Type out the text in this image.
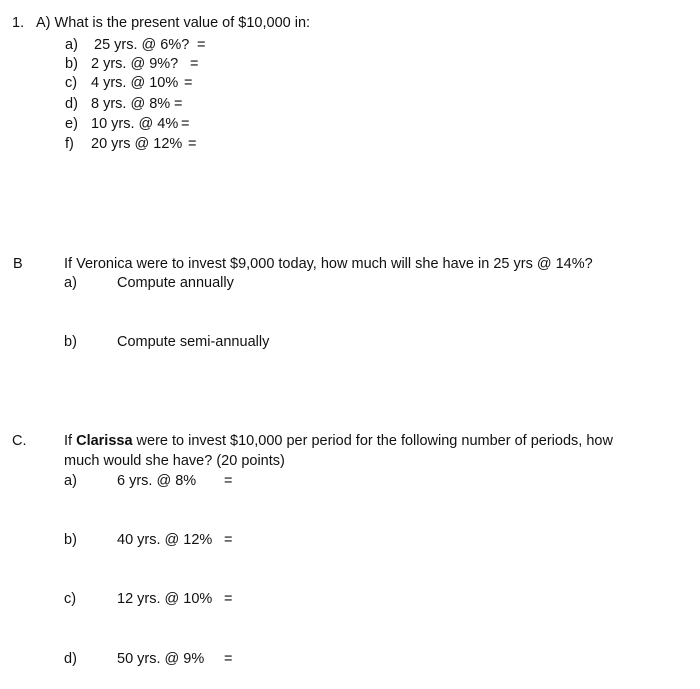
1. A) What is the present value of $10,000 in:
a) 25 yrs. @ 6%? =
b) 2 yrs. @ 9%? =
c) 4 yrs. @ 10% =
d) 8 yrs. @ 8% =
e) 10 yrs. @ 4% =
f) 20 yrs @ 12% =
B	If Veronica were to invest $9,000 today, how much will she have in 25 yrs @ 14%?
a)	Compute annually
b)	Compute semi-annually
C.	If Clarissa were to invest $10,000 per period for the following number of periods, how
much would she have? (20 points)
a)	6 yrs. @ 8% =
b)	40 yrs. @ 12% =
c)	12 yrs. @ 10% =
d)	50 yrs. @ 9% =
